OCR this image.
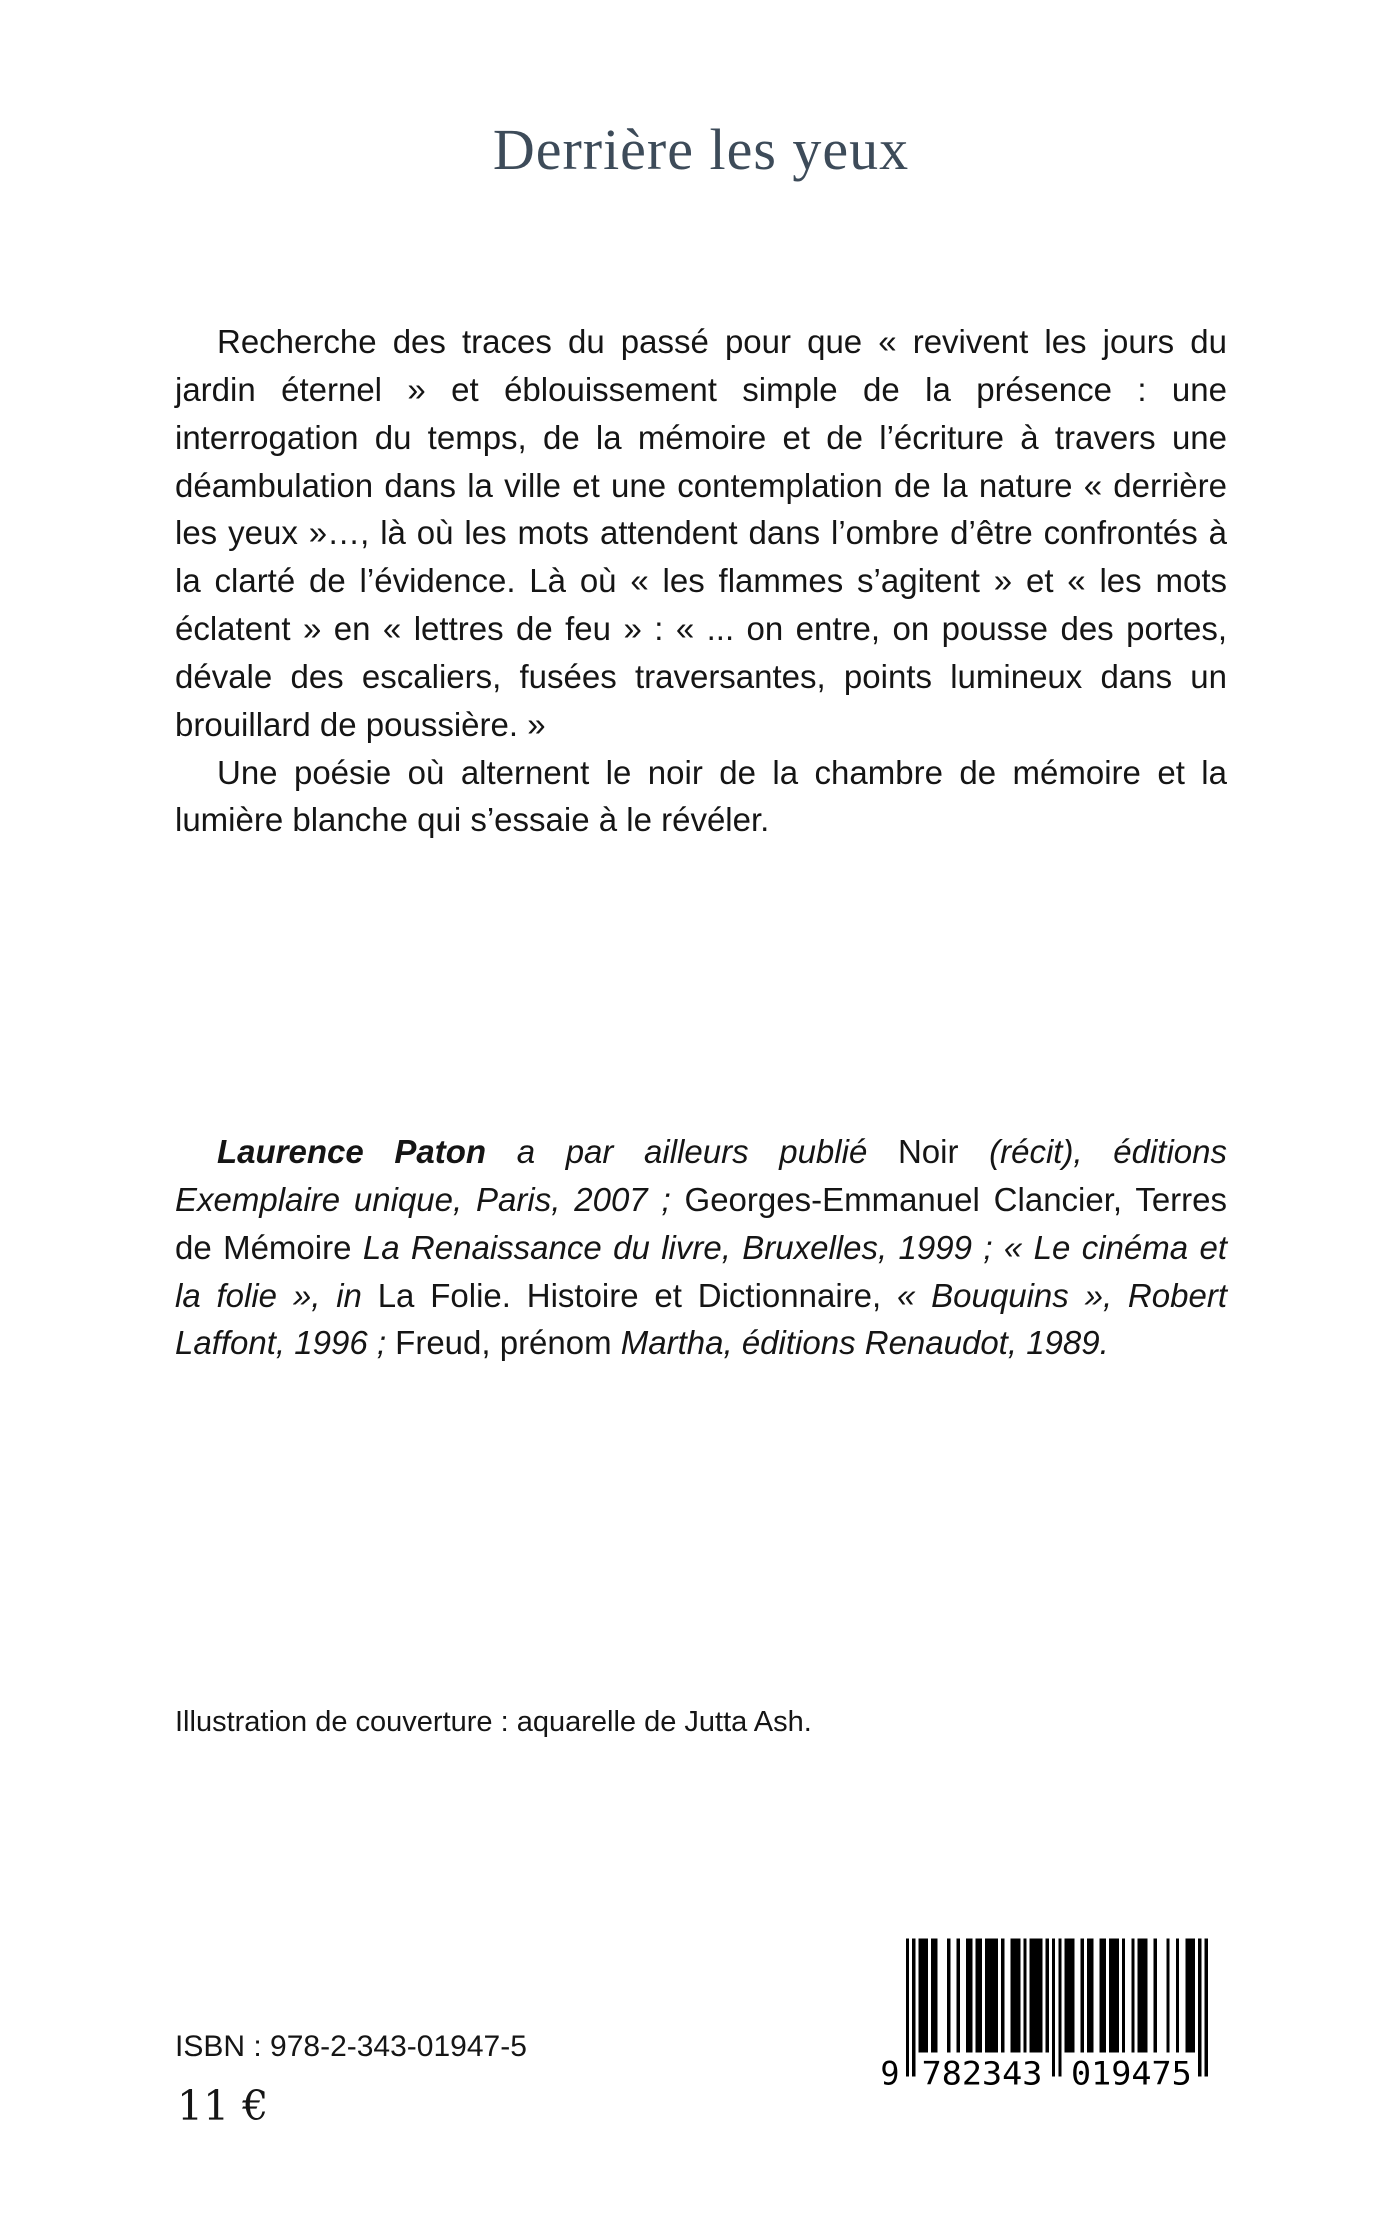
Derrière les yeux

Recherche des traces du passé pour que « revivent les jours du jardin éternel » et éblouissement simple de la présence : une interrogation du temps, de la mémoire et de l’écriture à travers une déambulation dans la ville et une contemplation de la nature « derrière les yeux »…, là où les mots attendent dans l’ombre d’être confrontés à la clarté de l’évidence. Là où « les flammes s’agitent » et « les mots éclatent » en « lettres de feu » : « ... on entre, on pousse des portes, dévale des escaliers, fusées traversantes, points lumineux dans un brouillard de poussière. »

Une poésie où alternent le noir de la chambre de mémoire et la lumière blanche qui s’essaie à le révéler.

Laurence Paton a par ailleurs publié Noir (récit), éditions Exemplaire unique, Paris, 2007 ; Georges-Emmanuel Clancier, Terres de Mémoire La Renaissance du livre, Bruxelles, 1999 ; « Le cinéma et la folie », in La Folie. Histoire et Dictionnaire, « Bouquins », Robert Laffont, 1996 ; Freud, prénom Martha, éditions Renaudot, 1989.

Illustration de couverture : aquarelle de Jutta Ash.

ISBN : 978-2-343-01947-5

11 €

9 782343	019475
